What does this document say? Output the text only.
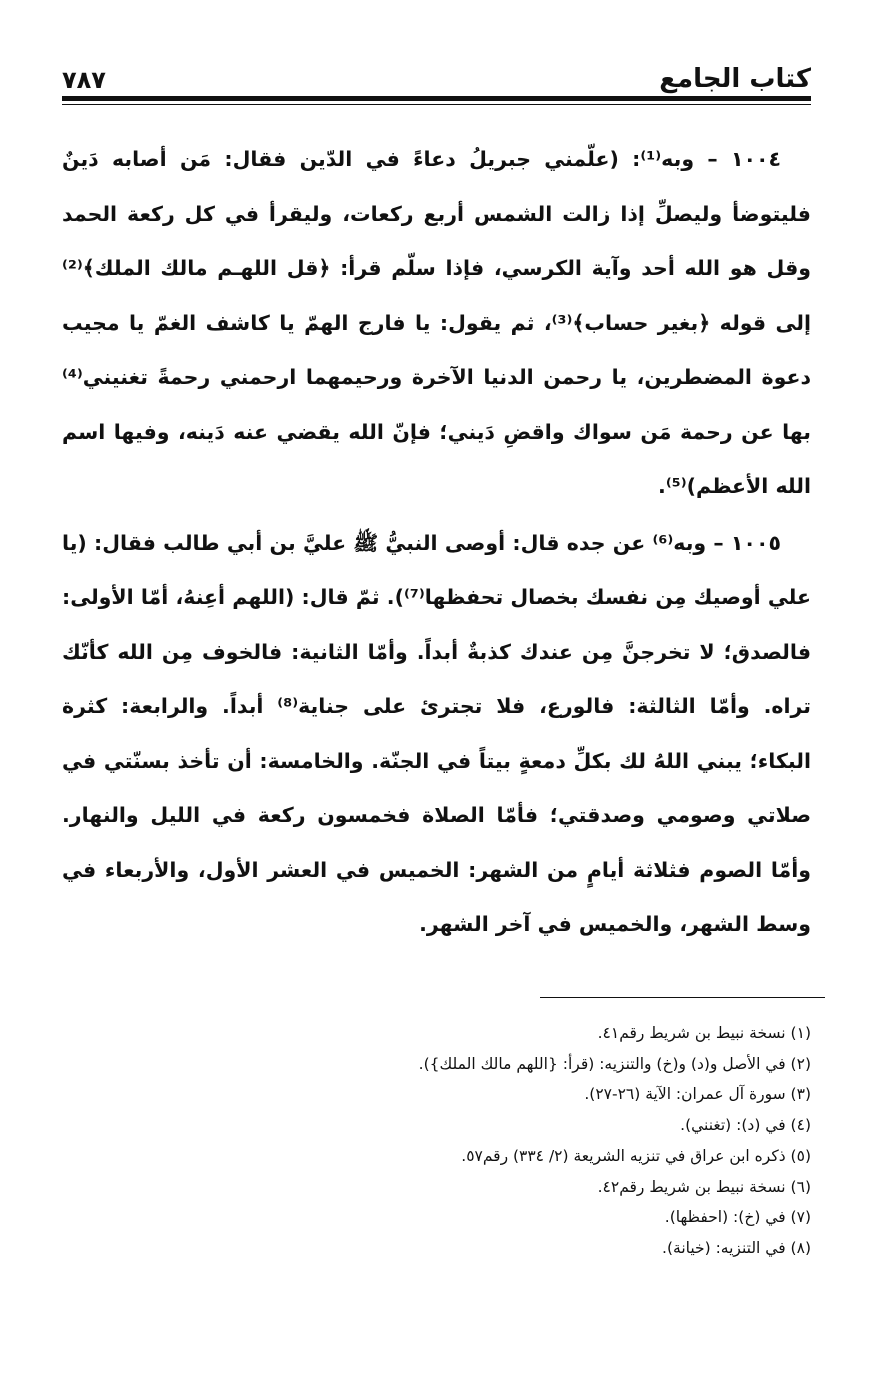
كتاب الجامع
٧٨٧

١٠٠٤ – وبه⁽¹⁾: (علّمني جبريلُ دعاءً في الدّين فقال: مَن أصابه دَينٌ فليتوضأ وليصلِّ إذا زالت الشمس أربع ركعات، وليقرأ في كل ركعة الحمد وقل هو الله أحد وآية الكرسي، فإذا سلّم قرأ: ﴿قل اللهـم مالك الملك﴾⁽²⁾ إلى قوله ﴿بغير حساب﴾⁽³⁾، ثم يقول: يا فارج الهمّ يا كاشف الغمّ يا مجيب دعوة المضطرين، يا رحمن الدنيا الآخرة ورحيمهما ارحمني رحمةً تغنيني⁽⁴⁾ بها عن رحمة مَن سواك واقضِ دَيني؛ فإنّ الله يقضي عنه دَينه، وفيها اسم الله الأعظم)⁽⁵⁾.

١٠٠٥ – وبه⁽⁶⁾ عن جده قال: أوصى النبيُّ ﷺ عليَّ بن أبي طالب فقال: (يا علي أوصيك مِن نفسك بخصال تحفظها⁽⁷⁾). ثمّ قال: (اللهم أعِنهُ، أمّا الأولى: فالصدق؛ لا تخرجنَّ مِن عندك كذبةٌ أبداً. وأمّا الثانية: فالخوف مِن الله كأنّك تراه. وأمّا الثالثة: فالورع، فلا تجترئ على جناية⁽⁸⁾ أبداً. والرابعة: كثرة البكاء؛ يبني اللهُ لك بكلِّ دمعةٍ بيتاً في الجنّة. والخامسة: أن تأخذ بسنّتي في صلاتي وصومي وصدقتي؛ فأمّا الصلاة فخمسون ركعة في الليل والنهار. وأمّا الصوم فثلاثة أيامٍ من الشهر: الخميس في العشر الأول، والأربعاء في وسط الشهر، والخميس في آخر الشهر.

(١) نسخة نبيط بن شريط رقم٤١.
(٢) في الأصل و(د) و(خ) والتنزيه: (قرأ: {اللهم مالك الملك}).
(٣) سورة آل عمران: الآية (٢٦-٢٧).
(٤) في (د): (تغنني).
(٥) ذكره ابن عراق في تنزيه الشريعة (٢/ ٣٣٤) رقم٥٧.
(٦) نسخة نبيط بن شريط رقم٤٢.
(٧) في (خ): (احفظها).
(٨) في التنزيه: (خيانة).
